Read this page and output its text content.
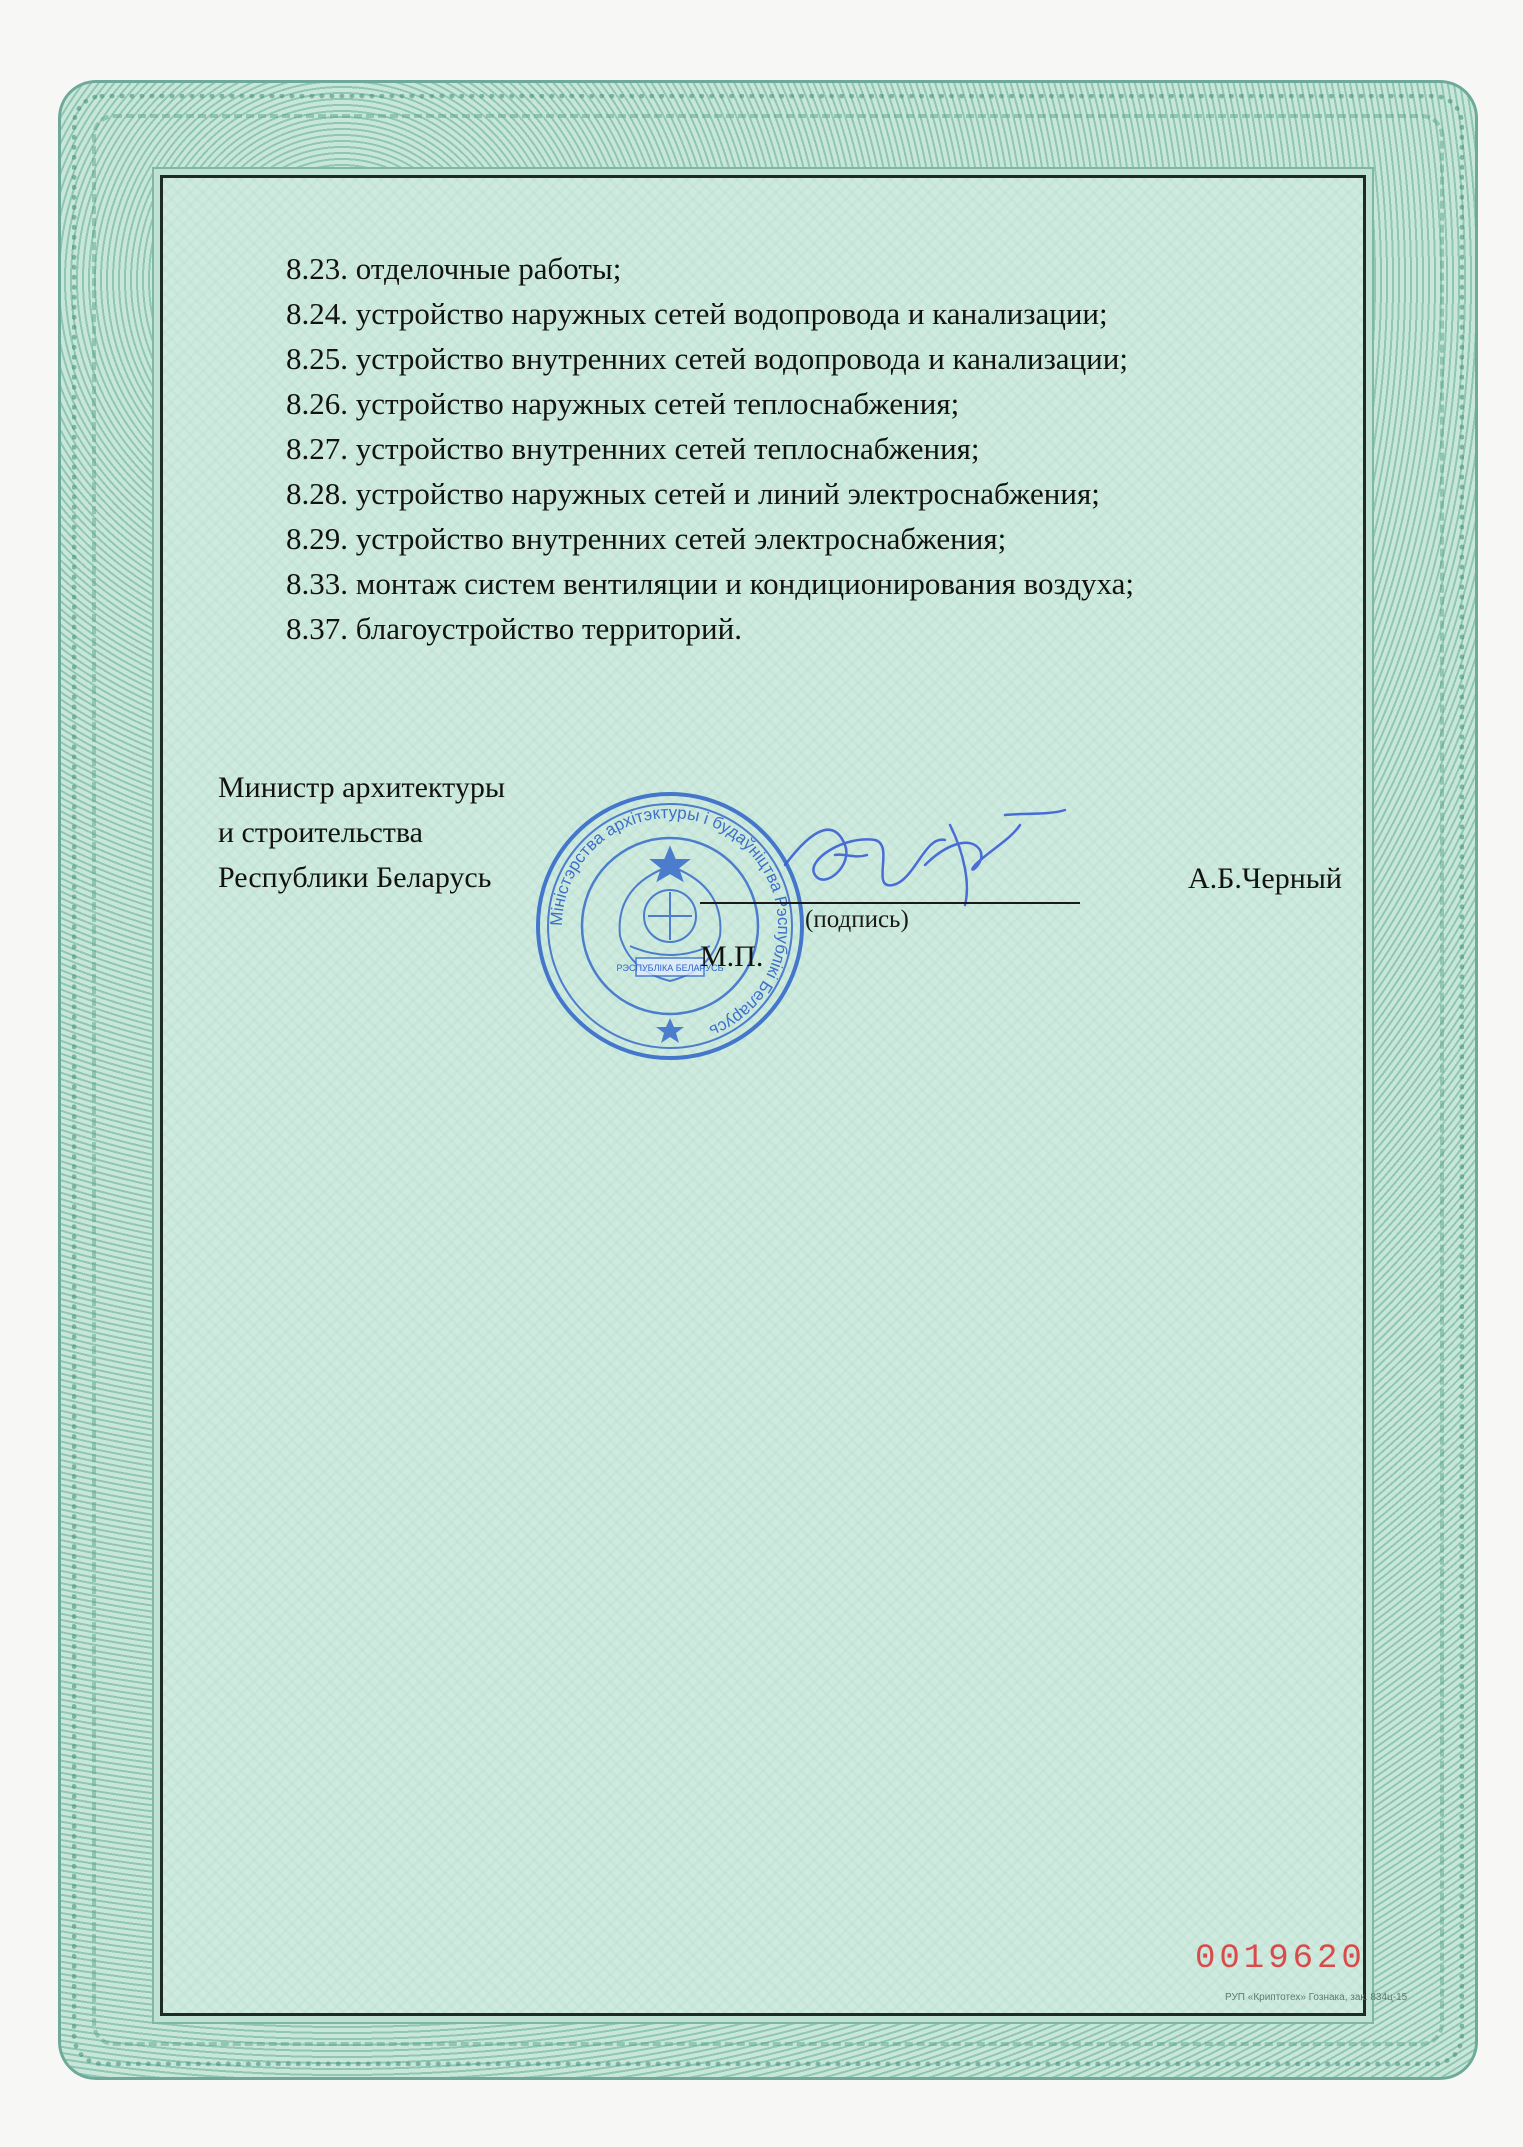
8.23. отделочные работы;
8.24. устройство наружных сетей водопровода и канализации;
8.25. устройство внутренних сетей водопровода и канализации;
8.26. устройство наружных сетей теплоснабжения;
8.27. устройство внутренних сетей теплоснабжения;
8.28. устройство наружных сетей и линий электроснабжения;
8.29. устройство внутренних сетей электроснабжения;
8.33. монтаж систем вентиляции и кондиционирования воздуха;
8.37. благоустройство территорий.
Министр архитектуры
и строительства
Республики Беларусь
Міністэрства архітэктуры і будаўніцтва Рэспублікі Беларусь
РЭСПУБЛІКА БЕЛАРУСЬ
А.Б.Черный
(подпись)
М.П.
0019620
РУП «Криптотех» Гознака, зак. 834ц-15
